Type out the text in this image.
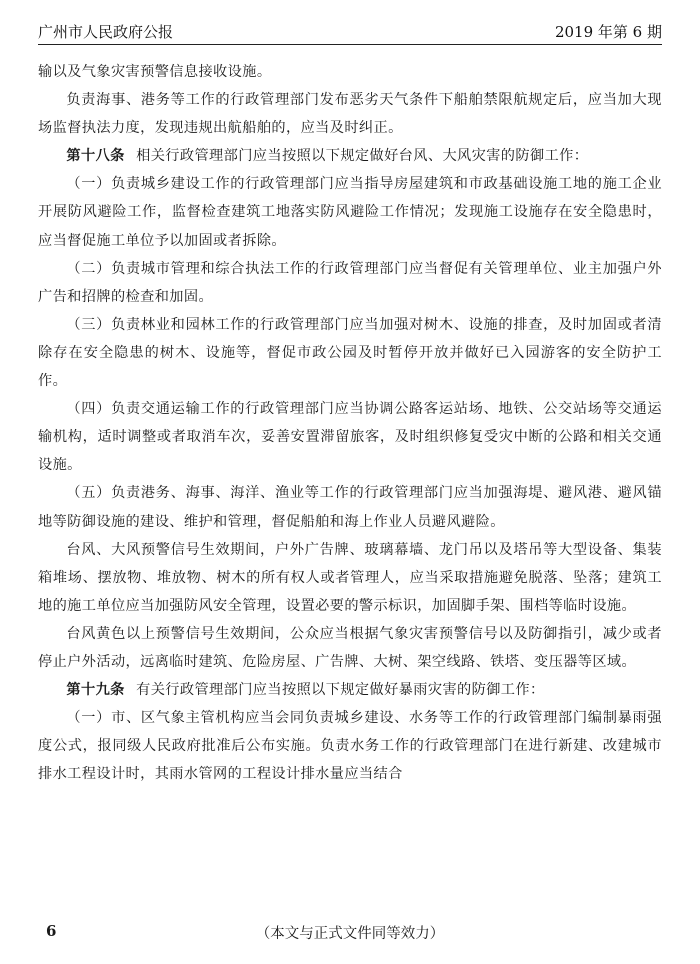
广州市人民政府公报	2019 年第 6 期

输以及气象灾害预警信息接收设施。

负责海事、港务等工作的行政管理部门发布恶劣天气条件下船舶禁限航规定后，应当加大现场监督执法力度，发现违规出航船舶的，应当及时纠正。

第十八条 相关行政管理部门应当按照以下规定做好台风、大风灾害的防御工作：

（一）负责城乡建设工作的行政管理部门应当指导房屋建筑和市政基础设施工地的施工企业开展防风避险工作，监督检查建筑工地落实防风避险工作情况；发现施工设施存在安全隐患时，应当督促施工单位予以加固或者拆除。

（二）负责城市管理和综合执法工作的行政管理部门应当督促有关管理单位、业主加强户外广告和招牌的检查和加固。

（三）负责林业和园林工作的行政管理部门应当加强对树木、设施的排查，及时加固或者清除存在安全隐患的树木、设施等，督促市政公园及时暂停开放并做好已入园游客的安全防护工作。

（四）负责交通运输工作的行政管理部门应当协调公路客运站场、地铁、公交站场等交通运输机构，适时调整或者取消车次，妥善安置滞留旅客，及时组织修复受灾中断的公路和相关交通设施。

（五）负责港务、海事、海洋、渔业等工作的行政管理部门应当加强海堤、避风港、避风锚地等防御设施的建设、维护和管理，督促船舶和海上作业人员避风避险。

台风、大风预警信号生效期间，户外广告牌、玻璃幕墙、龙门吊以及塔吊等大型设备、集装箱堆场、摆放物、堆放物、树木的所有权人或者管理人，应当采取措施避免脱落、坠落；建筑工地的施工单位应当加强防风安全管理，设置必要的警示标识，加固脚手架、围档等临时设施。

台风黄色以上预警信号生效期间，公众应当根据气象灾害预警信号以及防御指引，减少或者停止户外活动，远离临时建筑、危险房屋、广告牌、大树、架空线路、铁塔、变压器等区域。

第十九条 有关行政管理部门应当按照以下规定做好暴雨灾害的防御工作：

（一）市、区气象主管机构应当会同负责城乡建设、水务等工作的行政管理部门编制暴雨强度公式，报同级人民政府批准后公布实施。负责水务工作的行政管理部门在进行新建、改建城市排水工程设计时，其雨水管网的工程设计排水量应当结合

6	（本文与正式文件同等效力）
